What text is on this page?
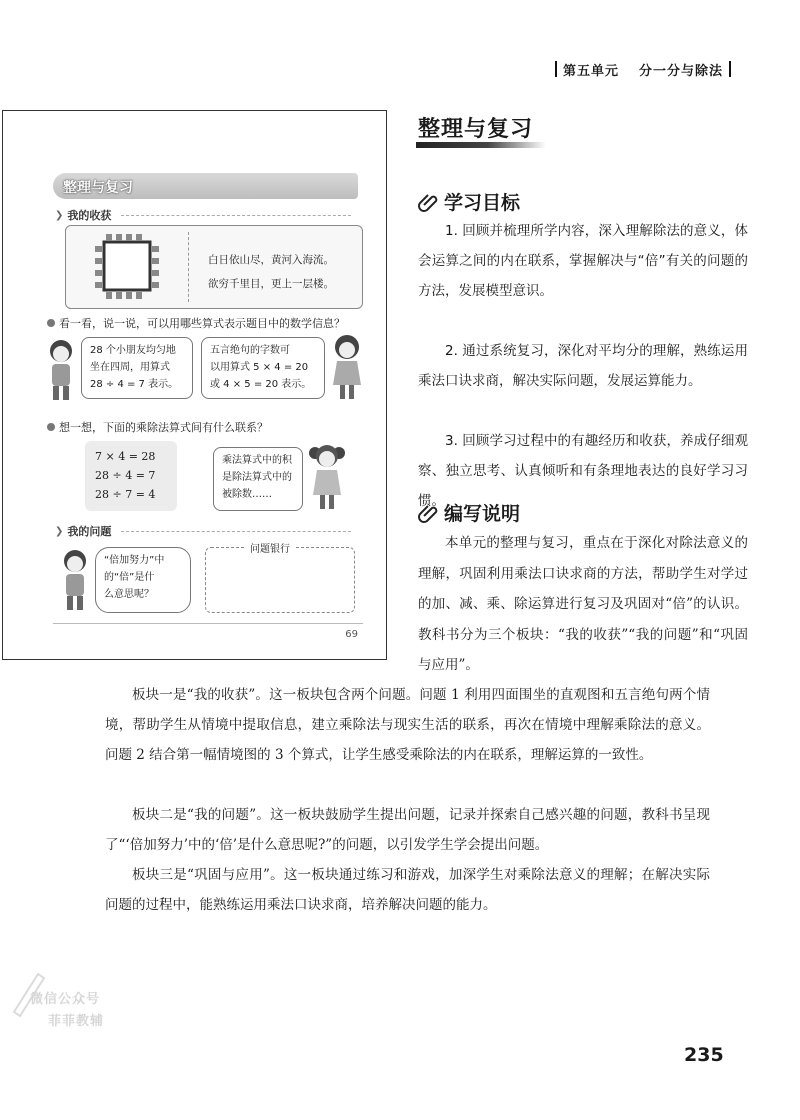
第五单元 分一分与除法
整理与复习
❯ 我的收获
白日依山尽，黄河入海流。
欲穷千里目，更上一层楼。
看一看，说一说，可以用哪些算式表示题目中的数学信息？
28 个小朋友均匀地
坐在四周，用算式
28 ÷ 4 = 7 表示。
五言绝句的字数可
以用算式 5 × 4 = 20
或 4 × 5 = 20 表示。
想一想，下面的乘除法算式间有什么联系？
7 × 4 = 28
28 ÷ 4 = 7
28 ÷ 7 = 4
乘法算式中的积
是除法算式中的
被除数……
❯ 我的问题
“倍加努力”中
的“倍”是什
么意思呢？
问题银行
69
整理与复习
学习目标

1. 回顾并梳理所学内容，深入理解除法的意义，体会运算之间的内在联系，掌握解决与“倍”有关的问题的方法，发展模型意识。

2. 通过系统复习，深化对平均分的理解，熟练运用乘法口诀求商，解决实际问题，发展运算能力。

3. 回顾学习过程中的有趣经历和收获，养成仔细观察、独立思考、认真倾听和有条理地表达的良好学习习惯。

编写说明

本单元的整理与复习，重点在于深化对除法意义的理解，巩固利用乘法口诀求商的方法，帮助学生对学过的加、减、乘、除运算进行复习及巩固对“倍”的认识。教科书分为三个板块：“我的收获”“我的问题”和“巩固与应用”。

板块一是“我的收获”。这一板块包含两个问题。问题 1 利用四面围坐的直观图和五言绝句两个情境，帮助学生从情境中提取信息，建立乘除法与现实生活的联系，再次在情境中理解乘除法的意义。问题 2 结合第一幅情境图的 3 个算式，让学生感受乘除法的内在联系，理解运算的一致性。

板块二是“我的问题”。这一板块鼓励学生提出问题，记录并探索自己感兴趣的问题，教科书呈现了“‘倍加努力’中的‘倍’是什么意思呢?”的问题，以引发学生学会提出问题。

板块三是“巩固与应用”。这一板块通过练习和游戏，加深学生对乘除法意义的理解；在解决实际问题的过程中，能熟练运用乘法口诀求商，培养解决问题的能力。

微信公众号
菲菲教辅
235
